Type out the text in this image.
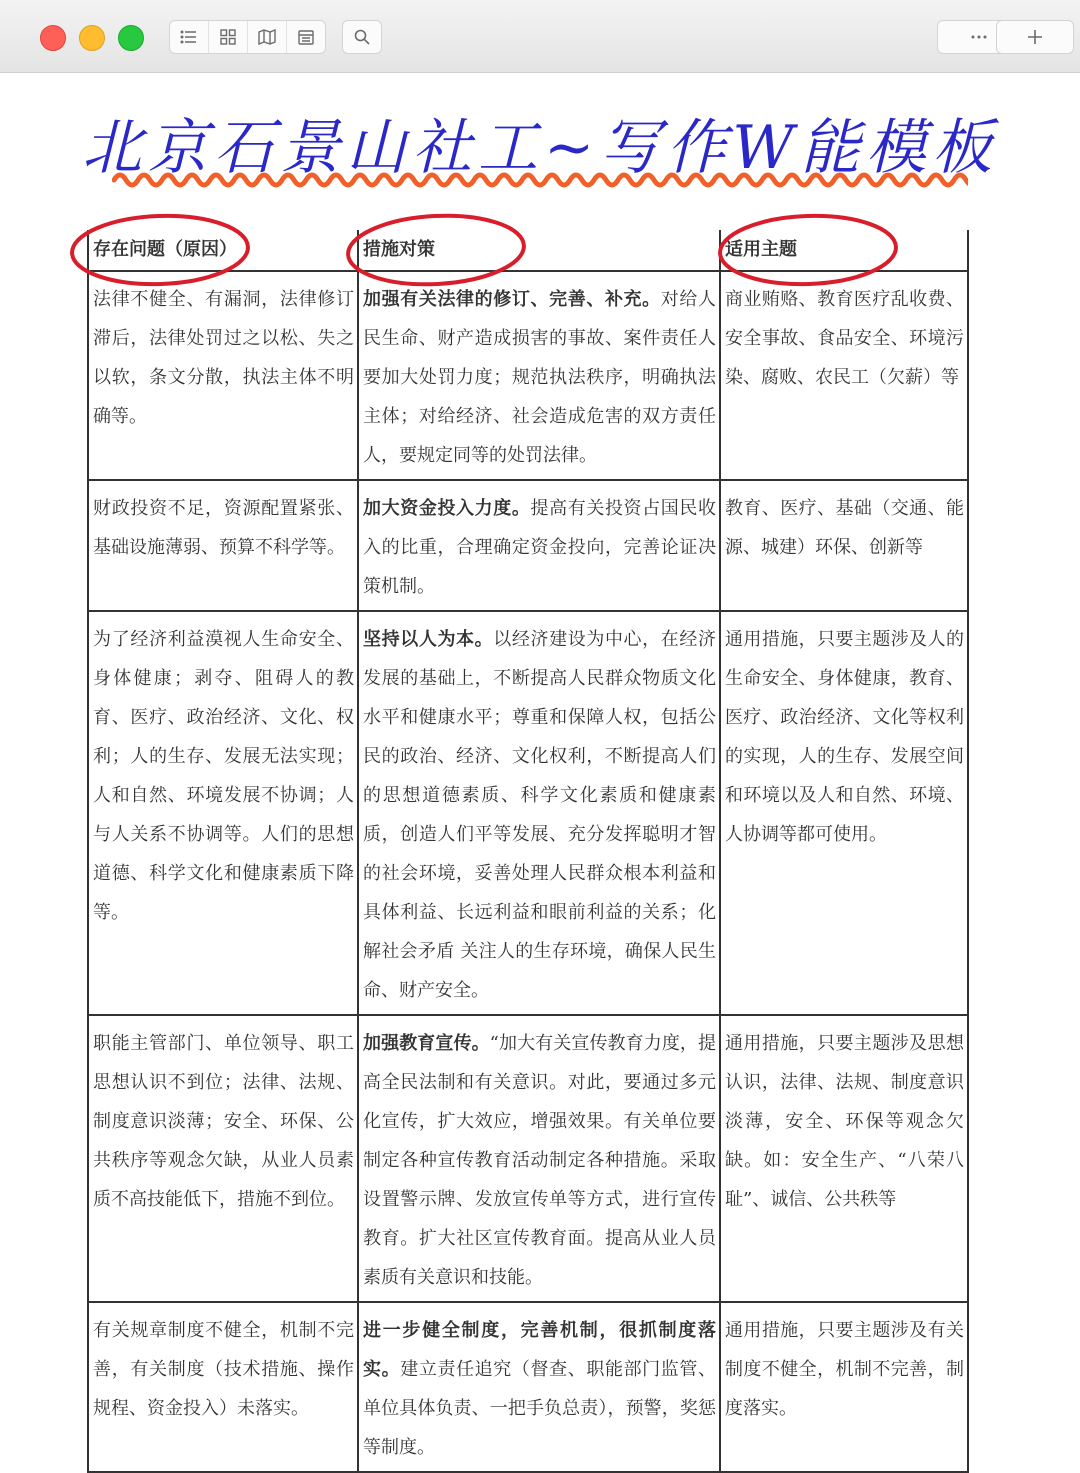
北京石景山社工~写作W能模板
存在问题（原因）	措施对策	适用主题
法律不健全、有漏洞，法律修订滞后，法律处罚过之以松、失之以软，条文分散，执法主体不明确等。	加强有关法律的修订、完善、补充。对给人民生命、财产造成损害的事故、案件责任人要加大处罚力度；规范执法秩序，明确执法主体；对给经济、社会造成危害的双方责任人，要规定同等的处罚法律。	商业贿赂、教育医疗乱收费、安全事故、食品安全、环境污染、腐败、农民工（欠薪）等
财政投资不足，资源配置紧张、基础设施薄弱、预算不科学等。	加大资金投入力度。提高有关投资占国民收入的比重，合理确定资金投向，完善论证决策机制。	教育、医疗、基础（交通、能源、城建）环保、创新等
为了经济利益漠视人生命安全、身体健康；剥夺、阻碍人的教育、医疗、政治经济、文化、权利；人的生存、发展无法实现；人和自然、环境发展不协调；人与人关系不协调等。人们的思想道德、科学文化和健康素质下降等。	坚持以人为本。以经济建设为中心，在经济发展的基础上，不断提高人民群众物质文化水平和健康水平；尊重和保障人权，包括公民的政治、经济、文化权利，不断提高人们的思想道德素质、科学文化素质和健康素质，创造人们平等发展、充分发挥聪明才智的社会环境，妥善处理人民群众根本利益和具体利益、长远利益和眼前利益的关系；化解社会矛盾 关注人的生存环境，确保人民生命、财产安全。	通用措施，只要主题涉及人的生命安全、身体健康，教育、医疗、政治经济、文化等权利的实现，人的生存、发展空间和环境以及人和自然、环境、人协调等都可使用。
职能主管部门、单位领导、职工思想认识不到位；法律、法规、制度意识淡薄；安全、环保、公共秩序等观念欠缺，从业人员素质不高技能低下，措施不到位。	加强教育宣传。“加大有关宣传教育力度，提高全民法制和有关意识。对此，要通过多元化宣传，扩大效应，增强效果。有关单位要制定各种宣传教育活动制定各种措施。采取设置警示牌、发放宣传单等方式，进行宣传教育。扩大社区宣传教育面。提高从业人员素质有关意识和技能。	通用措施，只要主题涉及思想认识，法律、法规、制度意识淡薄，安全、环保等观念欠缺。如：安全生产、“八荣八耻”、诚信、公共秩等
有关规章制度不健全，机制不完善，有关制度（技术措施、操作规程、资金投入）未落实。	进一步健全制度，完善机制，很抓制度落实。建立责任追究（督查、职能部门监管、单位具体负责、一把手负总责），预警，奖惩等制度。	通用措施，只要主题涉及有关制度不健全，机制不完善，制度落实。
